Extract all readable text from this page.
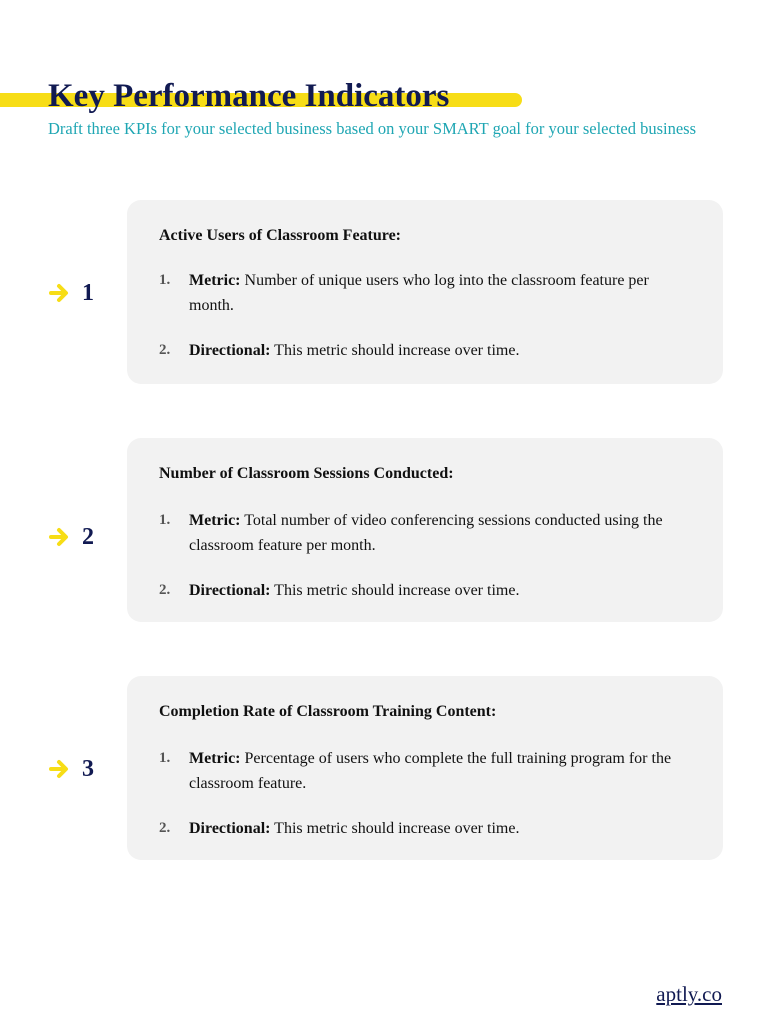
Key Performance Indicators

Draft three KPIs for your selected business based on your SMART goal for your selected business

1

Active Users of Classroom Feature:

1. Metric: Number of unique users who log into the classroom feature per month.
2. Directional: This metric should increase over time.
2

Number of Classroom Sessions Conducted:

1. Metric: Total number of video conferencing sessions conducted using the classroom feature per month.
2. Directional: This metric should increase over time.
3

Completion Rate of Classroom Training Content:

1. Metric: Percentage of users who complete the full training program for the classroom feature.
2. Directional: This metric should increase over time.
aptly.co
